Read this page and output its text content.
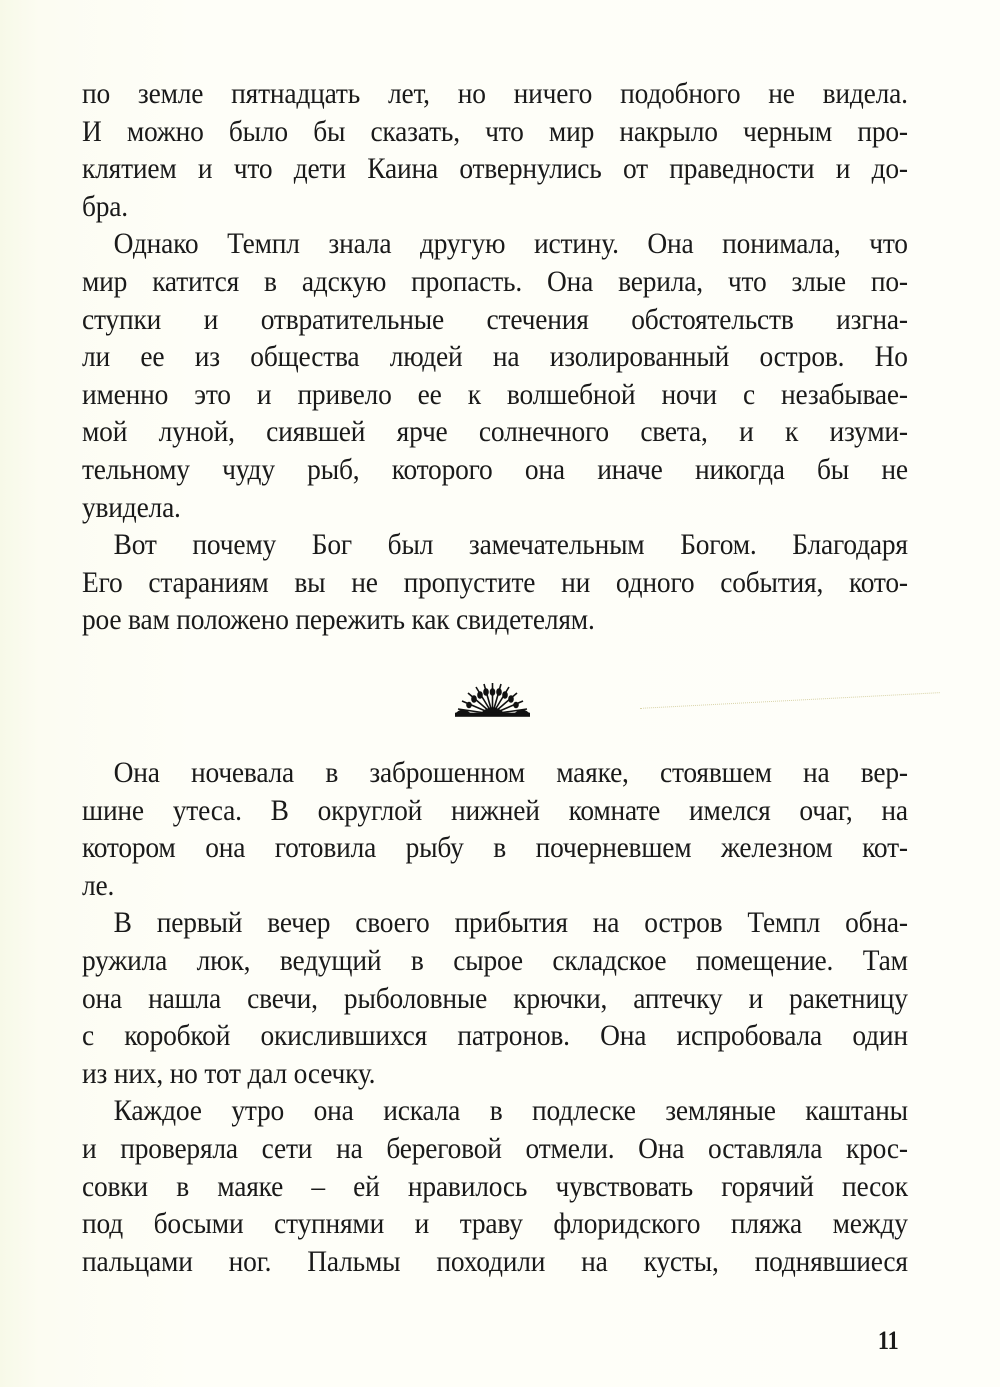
по земле пятнадцать лет, но ничего подобного не видела.
И можно было бы сказать, что мир накрыло черным про-
клятием и что дети Каина отвернулись от праведности и до-
бра.
Однако Темпл знала другую истину. Она понимала, что
мир катится в адскую пропасть. Она верила, что злые по-
ступки и отвратительные стечения обстоятельств изгна-
ли ее из общества людей на изолированный остров. Но
именно это и привело ее к волшебной ночи с незабывае-
мой луной, сиявшей ярче солнечного света, и к изуми-
тельному чуду рыб, которого она иначе никогда бы не
увидела.
Вот почему Бог был замечательным Богом. Благодаря
Его стараниям вы не пропустите ни одного события, кото-
рое вам положено пережить как свидетелям.
Она ночевала в заброшенном маяке, стоявшем на вер-
шине утеса. В округлой нижней комнате имелся очаг, на
котором она готовила рыбу в почерневшем железном кот-
ле.
В первый вечер своего прибытия на остров Темпл обна-
ружила люк, ведущий в сырое складское помещение. Там
она нашла свечи, рыболовные крючки, аптечку и ракетницу
с коробкой окислившихся патронов. Она испробовала один
из них, но тот дал осечку.
Каждое утро она искала в подлеске земляные каштаны
и проверяла сети на береговой отмели. Она оставляла крос-
совки в маяке – ей нравилось чувствовать горячий песок
под босыми ступнями и траву флоридского пляжа между
пальцами ног. Пальмы походили на кусты, поднявшиеся
11
